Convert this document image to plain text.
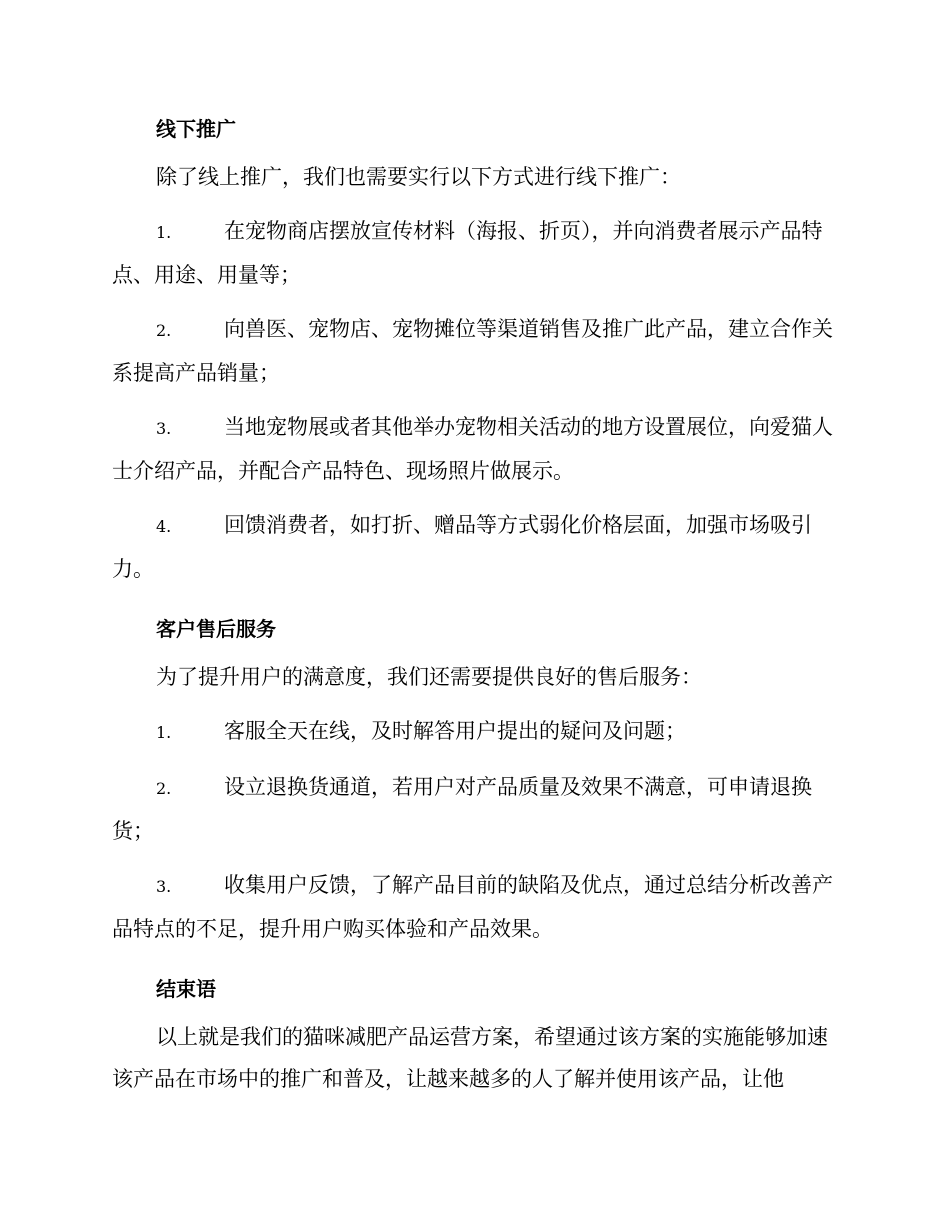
线下推广

除了线上推广，我们也需要实行以下方式进行线下推广：

1.	在宠物商店摆放宣传材料（海报、折页），并向消费者展示产品特点、用途、用量等；

2.	向兽医、宠物店、宠物摊位等渠道销售及推广此产品，建立合作关系提高产品销量；

3.	当地宠物展或者其他举办宠物相关活动的地方设置展位，向爱猫人士介绍产品，并配合产品特色、现场照片做展示。

4.	回馈消费者，如打折、赠品等方式弱化价格层面，加强市场吸引力。

客户售后服务

为了提升用户的满意度，我们还需要提供良好的售后服务：

1.	客服全天在线，及时解答用户提出的疑问及问题；

2.	设立退换货通道，若用户对产品质量及效果不满意，可申请退换货；

3.	收集用户反馈，了解产品目前的缺陷及优点，通过总结分析改善产品特点的不足，提升用户购买体验和产品效果。

结束语

以上就是我们的猫咪减肥产品运营方案，希望通过该方案的实施能够加速该产品在市场中的推广和普及，让越来越多的人了解并使用该产品，让他
